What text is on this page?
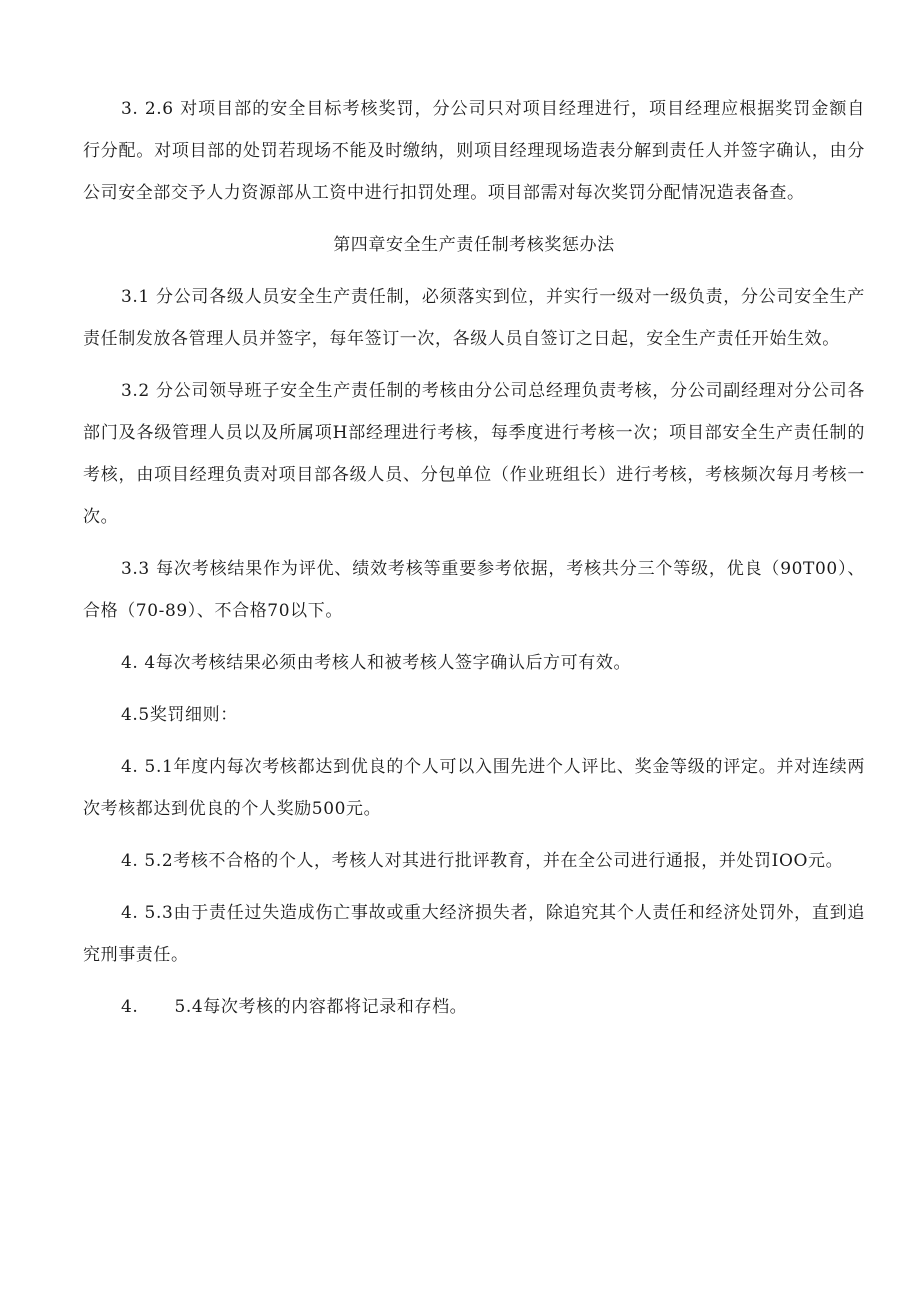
3. 2.6 对项目部的安全目标考核奖罚，分公司只对项目经理进行，项目经理应根据奖罚金额自行分配。对项目部的处罚若现场不能及时缴纳，则项目经理现场造表分解到责任人并签字确认，由分公司安全部交予人力资源部从工资中进行扣罚处理。项目部需对每次奖罚分配情况造表备查。

第四章安全生产责任制考核奖惩办法

3.1 分公司各级人员安全生产责任制，必须落实到位，并实行一级对一级负责，分公司安全生产责任制发放各管理人员并签字，每年签订一次，各级人员自签订之日起，安全生产责任开始生效。

3.2 分公司领导班子安全生产责任制的考核由分公司总经理负责考核，分公司副经理对分公司各部门及各级管理人员以及所属项H部经理进行考核，每季度进行考核一次；项目部安全生产责任制的考核，由项目经理负责对项目部各级人员、分包单位（作业班组长）进行考核，考核频次每月考核一次。

3.3 每次考核结果作为评优、绩效考核等重要参考依据，考核共分三个等级，优良（90T00）、合格（70-89）、不合格70以下。

4. 4每次考核结果必须由考核人和被考核人签字确认后方可有效。

4.5奖罚细则：

4. 5.1年度内每次考核都达到优良的个人可以入围先进个人评比、奖金等级的评定。并对连续两次考核都达到优良的个人奖励500元。

4. 5.2考核不合格的个人，考核人对其进行批评教育，并在全公司进行通报，并处罚IOO元。

4. 5.3由于责任过失造成伤亡事故或重大经济损失者，除追究其个人责任和经济处罚外，直到追究刑事责任。

4.      5.4每次考核的内容都将记录和存档。
